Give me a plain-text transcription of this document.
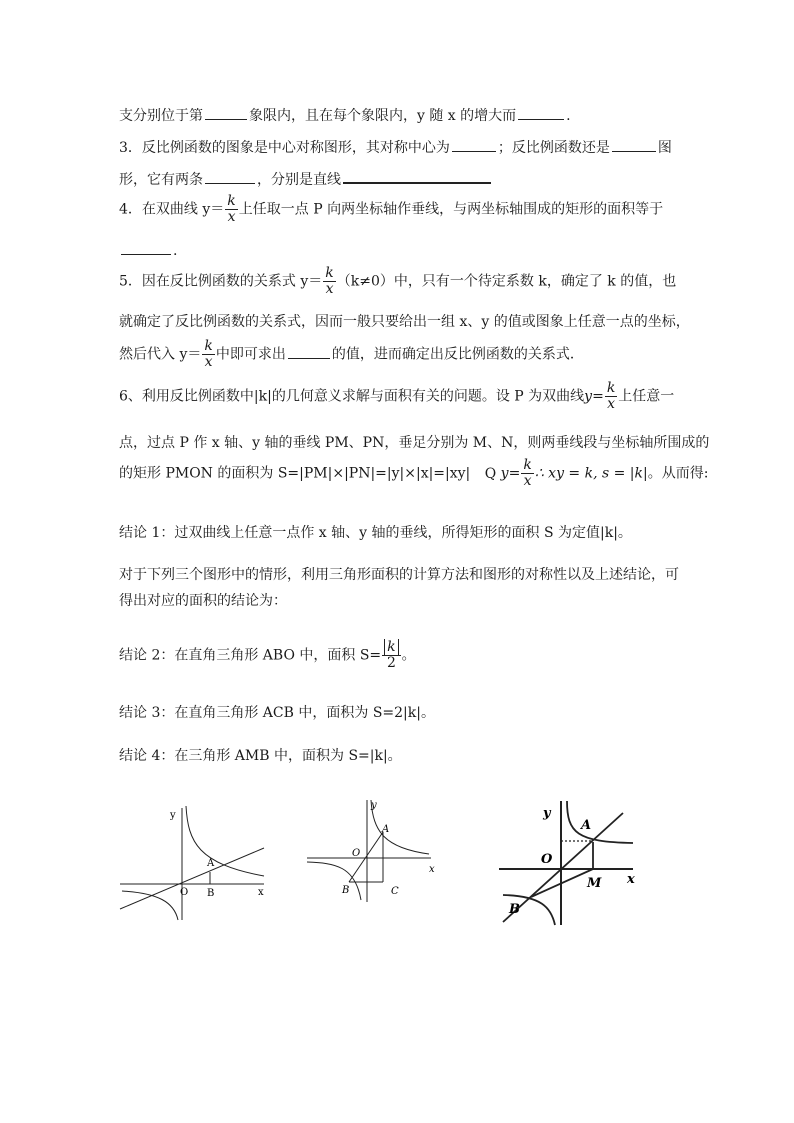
支分别位于第	象限内，且在每个象限内，y 随 x 的增大而	.
3．反比例函数的图象是中心对称图形，其对称中心为	；反比例函数还是	图
形，它有两条	，分别是直线
4．在双曲线 $y= \frac{k}{x}$ 上任取一点 P 向两坐标轴作垂线，与两坐标轴围成的矩形的面积等于
.
5．因在反比例函数的关系式 $y= \frac{k}{x} (k\ne 0)$中，只有一个待定系数 k，确定了 k 的值，也
就确定了反比例函数的关系式，因而一般只要给出一组 x、y 的值或图象上任意一点的坐标，
然后代入 $y= \frac{k}{x}$ 中即可求出	的值，进而确定出反比例函数的关系式．
6、利用反比例函数中|k|的几何意义求解与面积有关的问题。设 P 为双曲线$y= \frac{k}{x}$ 上任意一
点，过点 P 作 x 轴、y 轴的垂线 PM、PN，垂足分别为 M、N，则两垂线段与坐标轴所围成的
的矩形 PMON 的面积为 S=|PM|×|PN|=|y|×|x|=|xy| Q $y= \frac{k}{x}$ ∴ xy = k, s = |k|。从而得:
结论 1：过双曲线上任意一点作 x 轴、y 轴的垂线，所得矩形的面积 S 为定值|k|。
对于下列三个图形中的情形，利用三角形面积的计算方法和图形的对称性以及上述结论，可
得出对应的面积的结论为：
结论 2：在直角三角形 ABO 中，面积 $S= \frac{k}{2}$ 。
结论 3：在直角三角形 ACB 中，面积为 S=2|k|。
结论 4：在三角形 AMB 中，面积为 S=|k|。
y
x
A
O B
y
x
A
O
B	C
y
x
A
O
B
M
